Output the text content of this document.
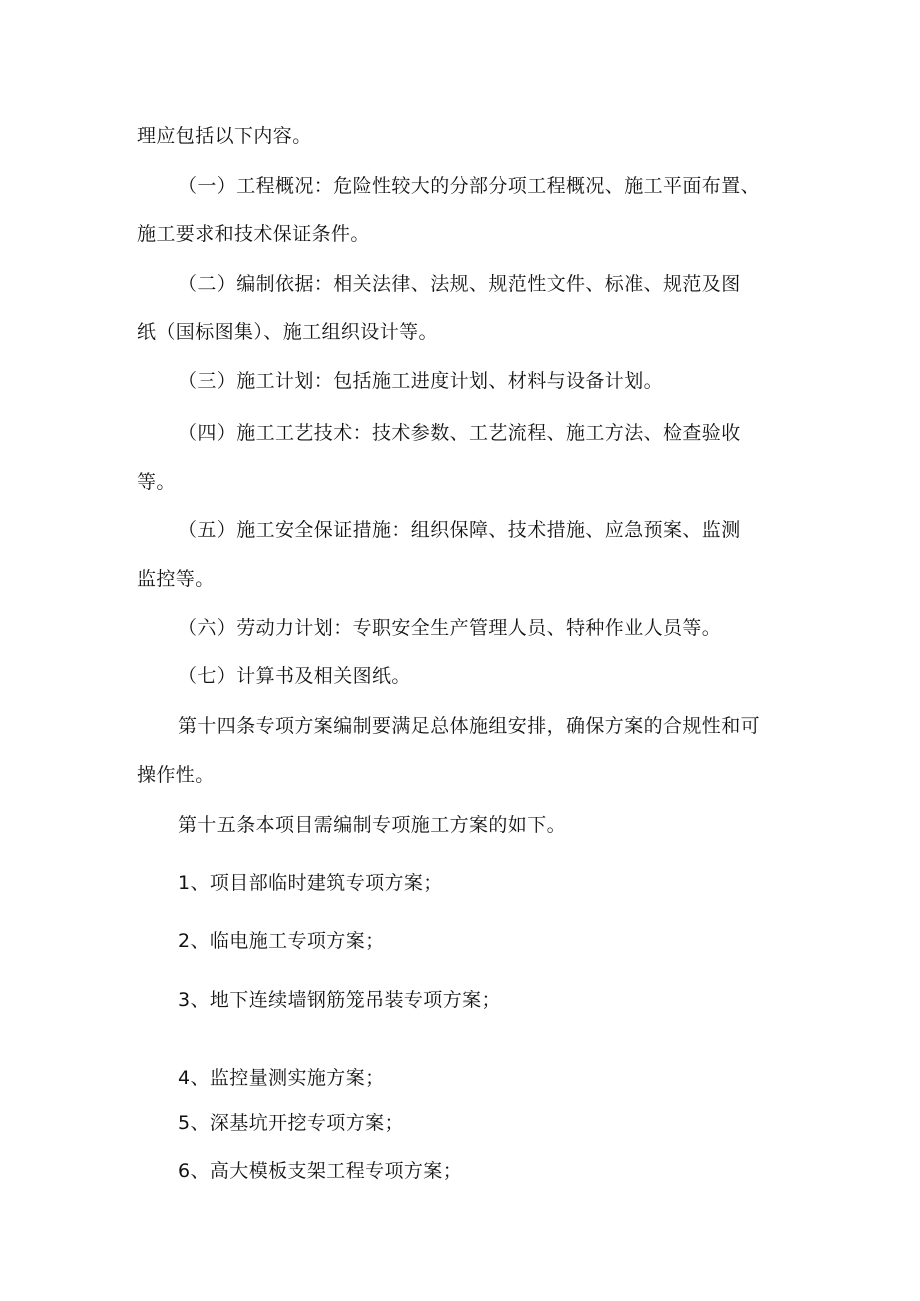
理应包括以下内容。
（一）工程概况：危险性较大的分部分项工程概况、施工平面布置、
施工要求和技术保证条件。
（二）编制依据：相关法律、法规、规范性文件、标准、规范及图
纸（国标图集）、施工组织设计等。
（三）施工计划：包括施工进度计划、材料与设备计划。
（四）施工工艺技术：技术参数、工艺流程、施工方法、检查验收
等。
（五）施工安全保证措施：组织保障、技术措施、应急预案、监测
监控等。
（六）劳动力计划：专职安全生产管理人员、特种作业人员等。
（七）计算书及相关图纸。
第十四条专项方案编制要满足总体施组安排，确保方案的合规性和可
操作性。
第十五条本项目需编制专项施工方案的如下。
1、项目部临时建筑专项方案；
2、临电施工专项方案；
3、地下连续墙钢筋笼吊装专项方案；
4、监控量测实施方案；
5、深基坑开挖专项方案；
6、高大模板支架工程专项方案；
